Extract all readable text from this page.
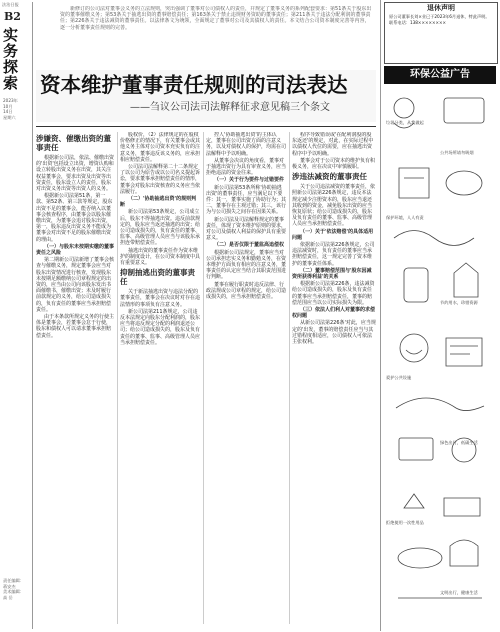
法治日报
B2
实务探索
2023年
10月
14日
星期六
责任编辑：
蒋安杰
美术编辑：
高 岳
新修订的公司法对董事会义务的立法规则，突出强调了董事对公司债权人的责任，并规定了董事义务的系列配套要求：第51条关于股东出资的董事催缴义务；第53条关于抽逃出资的董事赔偿责任；第163条关于禁止违规财务资助的董事责任；第211条关于违法分配利润的董事责任；第226条关于违法减资的董事责任。以法律条文为统领，全面规定了董事对公司及其债权人的责任。本文结合公司资本制度完善等内容，逐一分析董事责任规则的完善。
资本维护董事责任规则的司法表达
——刍议公司法司法解释征求意见稿三个条文
涉嫌资、催缴出资的董事责任

根据新公司法，依法、催缴出资的'出资'包括设立出资，增资认购和设立转股出资义务在出资，其关注权益董事会，要求出资及出资等出资责任，股东设立人的责任，股东对出资义务出资等出资人的义务。

根据新公司法第51条，第一款、第52条、第三款等规定，股东出资不足的董事会，能否纳入以董事会核查程序，由董事会以股东催缴出资，为董事会追讨股东出资，第一，股东违反出资义务不能成为董事会对出资不足的股东催缴出资的理由。

（一）与股东未按期实缴的董事责任之风险

第二期新公司法新增了董事会核查与催缴义务，规定董事会应当对股东出资情况进行核查，发现股东未按期足额缴纳公司章程规定的出资的，应当由公司向该股东发出书面催缴书，催缴出资；未及时履行前款规定的义务，给公司造成损失的，负有责任的董事应当承担赔偿责任。

由于本条款所规定义务的行使主体是董事会，若董事会怠于行使，股东和债权人可以请求董事承担赔偿责任。

股权价，（2）法律规定的在股权价格修正的情况下，有关董事会或其他义务主体对公司资本充实负有的注意义务，董事违反该义务的，应承担相应赔偿责任。

公司法司法解释第二十二条规定了以公司为原告或以公司名义提起诉讼，要求董事承担赔偿责任的情形，董事会对股东出资核查的义务应当依法履行。

（二）'协助抽逃出资'的规则判断

新公司法第53条规定，公司成立后，股东不得抽逃出资。违反前款规定的，股东应当返还抽逃的出资；给公司造成损失的，负有责任的董事、监事、高级管理人员应当与该股东承担连带赔偿责任。

抽逃出资的董事责任作为资本维护的制度设计，在公司资本制度中具有重要意义。

抑制抽逃出资的董事责任

关于新法抽逃出资与违法分配的董事责任，董事会在决议时对存在违法情形的事项负有注意义务。

新公司法第211条规定，公司违反本法规定向股东分配利润的，股东应当将违反规定分配的利润退还公司；给公司造成损失的，股东及负有责任的董事、监事、高级管理人员应当承担赔偿责任。

控人'协助抽逃出资'的主体认定，董事在公司出资方面的注意义务，以及对债权人的保护，均需在司法解释中予以明确。

从董事会决议的角度看，董事对于抽逃出资行为具有审查义务，应当拒绝违法的资金往来。

（一）关于行为要件与过错要件

新公司法第53条所称'协助抽逃出资'的董事责任，应当满足以下要件：其一，董事实施了协助行为；其二，董事存在主观过错；其三，该行为与公司损失之间存在因果关系。

新公司法及司法解释规定的董事责任，体现了资本维护原则的要求，对公司及债权人利益的保护具有重要意义。

（二）是否仅限于董监高追偿权

根据新公司法规定，董事应当对公司承担忠实义务和勤勉义务，在资本维护方面负有相应的注意义务，董事责任的认定应当结合其职责范围进行判断。

董事在履行职责时违反法律、行政法规或公司章程的规定，给公司造成损失的，应当承担赔偿责任。

程序导致错误或'在配利润股的股东返还'的规定，对此，在实际过程中以债权人代位的需要，应在抽逃出资程序中予以明确。

董事会对于公司资本的维护负有积极义务，应在决议中审慎履职。

涉违法减资的董事责任

关于公司违法减资的董事责任，依照新公司法第226条规定，违反本法规定减少注册资本的，股东应当退还其收到的资金，减免股东出资的应当恢复原状；给公司造成损失的，股东及负有责任的董事、监事、高级管理人员应当承担赔偿责任。

（一）关于'依法赔偿'的具体适用问题

依据新公司法第226条规定，公司违法减资时，负有责任的董事应当承担赔偿责任，这一规定完善了资本维护的董事责任体系。

（二）董事赔偿范围与'股东因减资所获得利益'的关系

根据新公司法第226条，违法减资给公司造成损失的，股东及负有责任的董事应当承担赔偿责任，董事的赔偿范围应当以公司实际损失为限。

（三）依法人们利人对董事的求偿权问题

从新公司法第226条'对此，应当规定的'出发，董事的赔偿责任应当与其过错程度相适应，公司债权人可依法主张权利。

退休声明
原公司董事长刘×业已于2023年6月退休，特此声明。联系电话：138××××××××
环保公益广告
垃圾分类，从我做起
公共场所请勿吸烟
保护环境，人人有责
节约用水，珍惜资源
爱护公共设施
绿色出行，低碳生活
拒绝使用一次性用品
文明出行，健康生活
